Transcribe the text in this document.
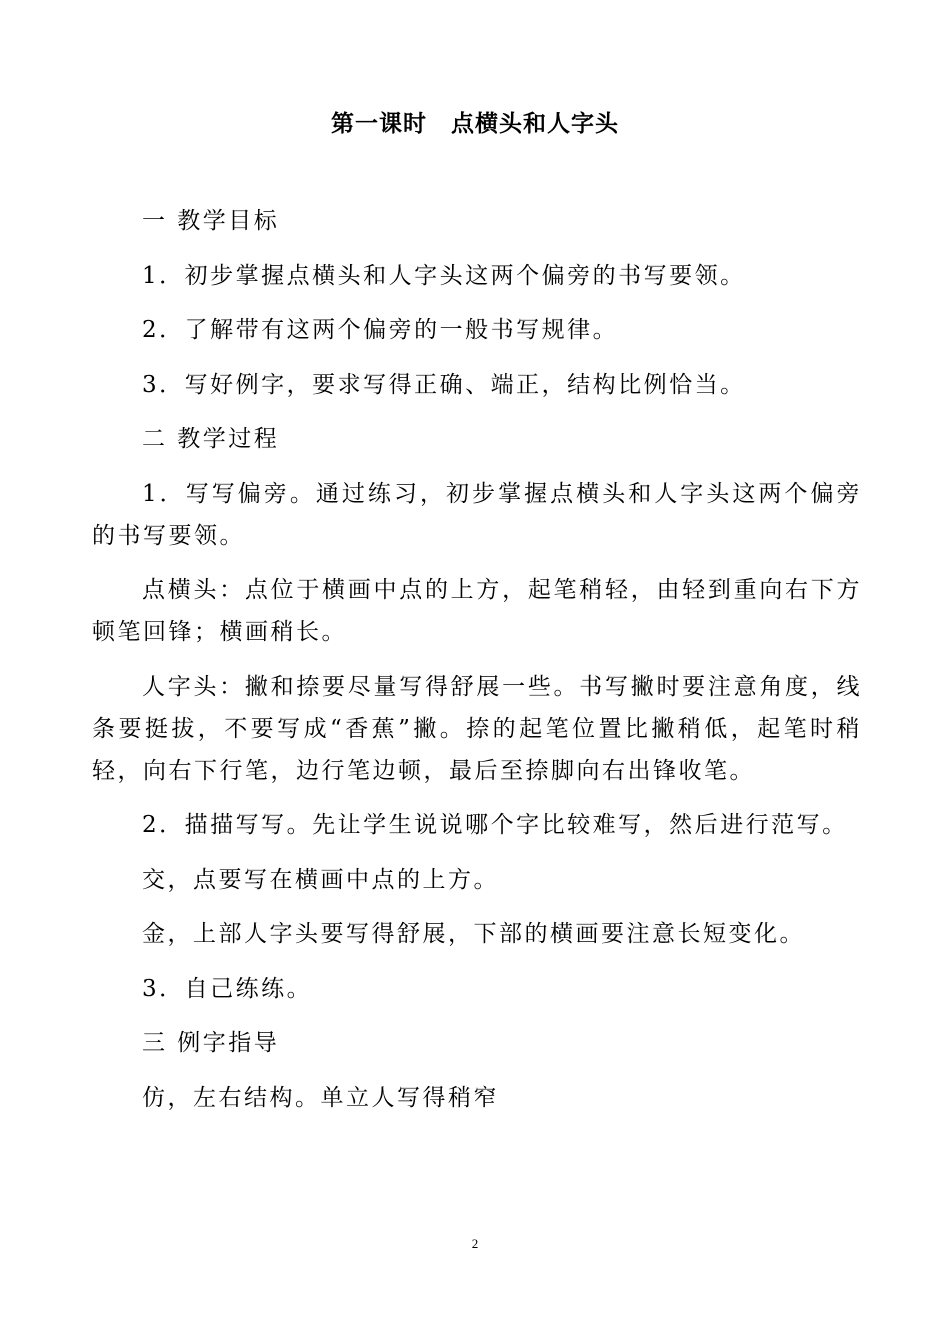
第一课时　点横头和人字头

一 教学目标

1．初步掌握点横头和人字头这两个偏旁的书写要领。

2．了解带有这两个偏旁的一般书写规律。

3．写好例字，要求写得正确、端正，结构比例恰当。

二 教学过程

1．写写偏旁。通过练习，初步掌握点横头和人字头这两个偏旁的书写要领。

点横头：点位于横画中点的上方，起笔稍轻，由轻到重向右下方顿笔回锋；横画稍长。

人字头：撇和捺要尽量写得舒展一些。书写撇时要注意角度，线条要挺拔，不要写成“香蕉”撇。捺的起笔位置比撇稍低，起笔时稍轻，向右下行笔，边行笔边顿，最后至捺脚向右出锋收笔。

2．描描写写。先让学生说说哪个字比较难写，然后进行范写。

交，点要写在横画中点的上方。

金，上部人字头要写得舒展，下部的横画要注意长短变化。

3．自己练练。

三 例字指导

仿，左右结构。单立人写得稍窄

2
